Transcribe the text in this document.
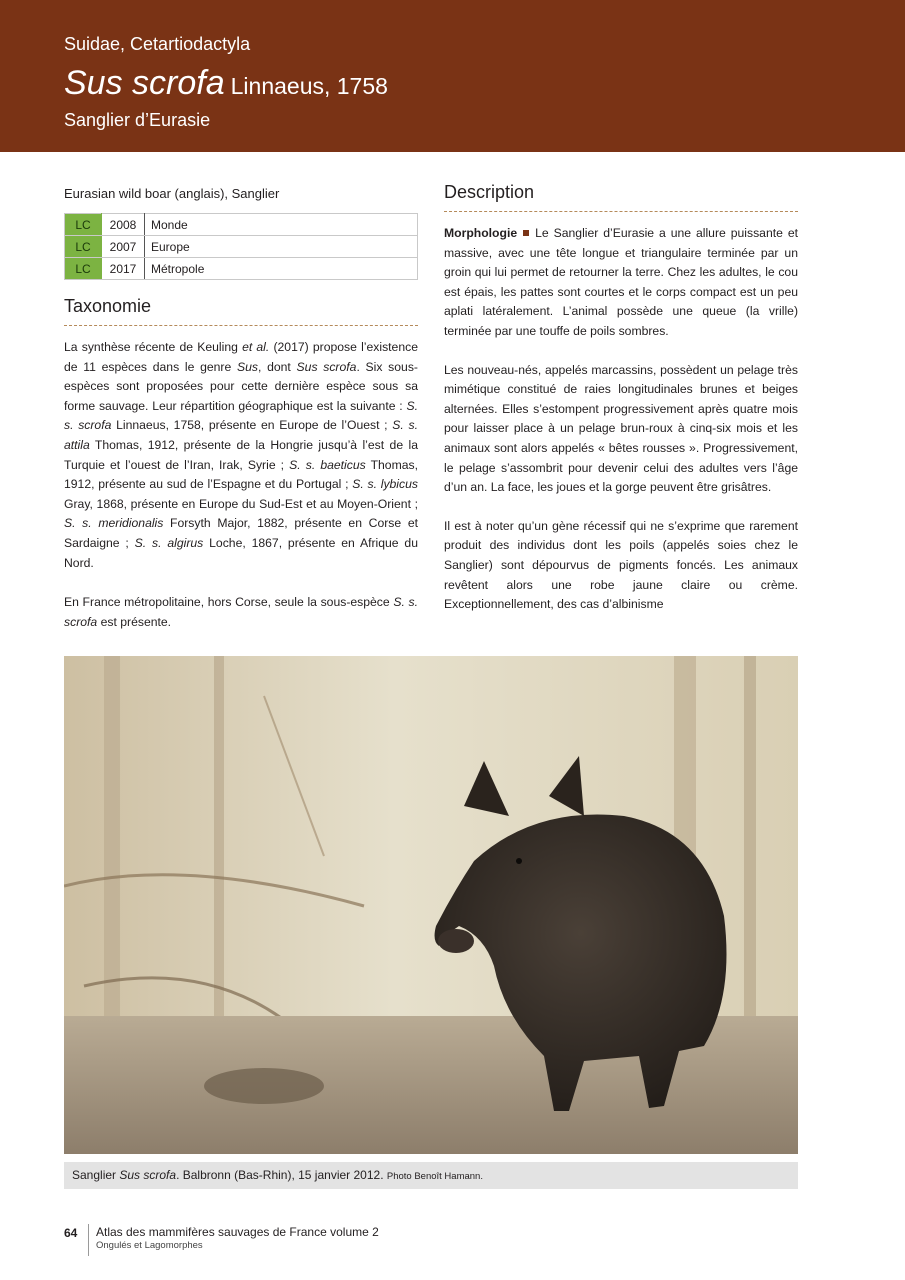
Suidae, Cetartiodactyla
Sus scrofa Linnaeus, 1758
Sanglier d’Eurasie

Eurasian wild boar (anglais), Sanglier

LC	2008	Monde
LC	2007	Europe
LC	2017	Métropole
Taxonomie

La synthèse récente de Keuling et al. (2017) propose l’existence de 11 espèces dans le genre Sus, dont Sus scrofa. Six sous-espèces sont proposées pour cette dernière espèce sous sa forme sauvage. Leur répartition géographique est la suivante : S. s. scrofa Linnaeus, 1758, présente en Europe de l’Ouest ; S. s. attila Thomas, 1912, présente de la Hongrie jusqu’à l’est de la Turquie et l’ouest de l’Iran, Irak, Syrie ; S. s. baeticus Thomas, 1912, présente au sud de l’Espagne et du Portugal ; S. s. lybicus Gray, 1868, présente en Europe du Sud-Est et au Moyen-Orient ; S. s. meridionalis Forsyth Major, 1882, présente en Corse et Sardaigne ; S. s. algirus Loche, 1867, présente en Afrique du Nord.

En France métropolitaine, hors Corse, seule la sous-espèce S. s. scrofa est présente.

Description

Morphologie Le Sanglier d’Eurasie a une allure puissante et massive, avec une tête longue et triangulaire terminée par un groin qui lui permet de retourner la terre. Chez les adultes, le cou est épais, les pattes sont courtes et le corps compact est un peu aplati latéralement. L’animal possède une queue (la vrille) terminée par une touffe de poils sombres.

Les nouveau-nés, appelés marcassins, possèdent un pelage très mimétique constitué de raies longitudinales brunes et beiges alternées. Elles s’estompent progressivement après quatre mois pour laisser place à un pelage brun-roux à cinq-six mois et les animaux sont alors appelés « bêtes rousses ». Progressivement, le pelage s’assombrit pour devenir celui des adultes vers l’âge d’un an. La face, les joues et la gorge peuvent être grisâtres.

Il est à noter qu’un gène récessif qui ne s’exprime que rarement produit des individus dont les poils (appelés soies chez le Sanglier) sont dépourvus de pigments foncés. Les animaux revêtent alors une robe jaune claire ou crème. Exceptionnellement, des cas d’albinisme

Sanglier Sus scrofa. Balbronn (Bas-Rhin), 15 janvier 2012. Photo Benoît Hamann.
64 Atlas des mammifères sauvages de France volume 2
Ongulés et Lagomorphes
